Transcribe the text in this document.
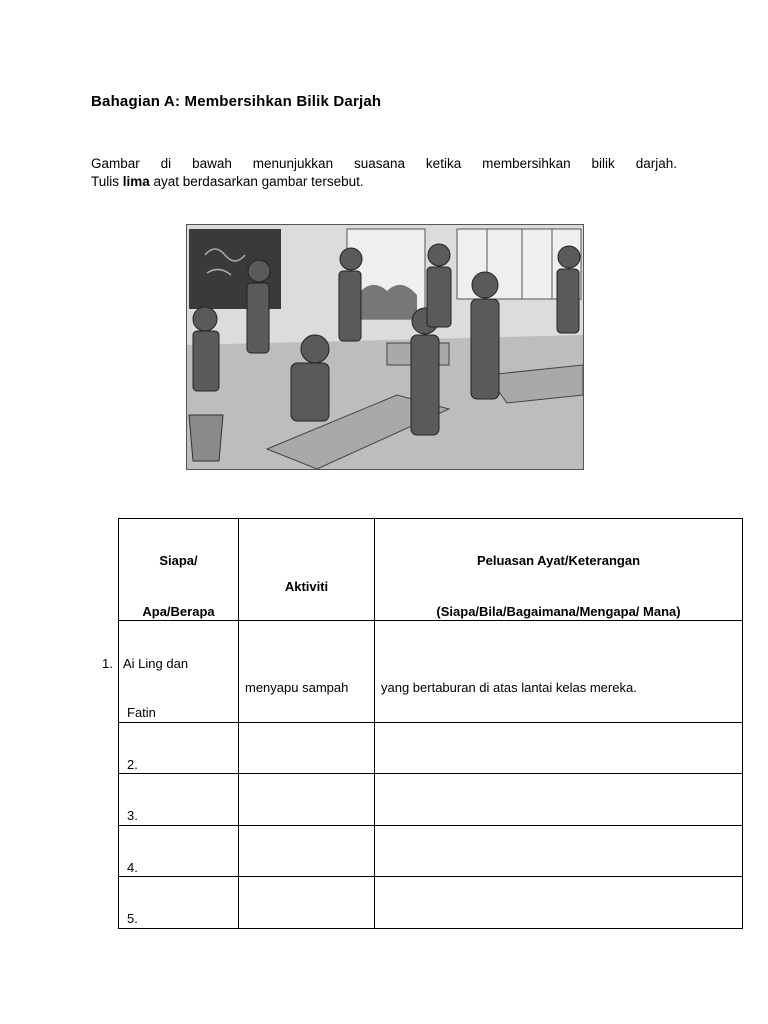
Bahagian A: Membersihkan Bilik Darjah
Gambar di bawah menunjukkan suasana ketika membersihkan bilik darjah.
Tulis lima ayat berdasarkan gambar tersebut.
Siapa/
Apa/Berapa	Aktiviti	Peluasan Ayat/Keterangan
(Siapa/Bila/Bagaimana/Mengapa/ Mana)

1. Ai Ling dan
Fatin	menyapu sampah	yang bertaburan di atas lantai kelas mereka.

2.		

3.		

4.		

5.		
